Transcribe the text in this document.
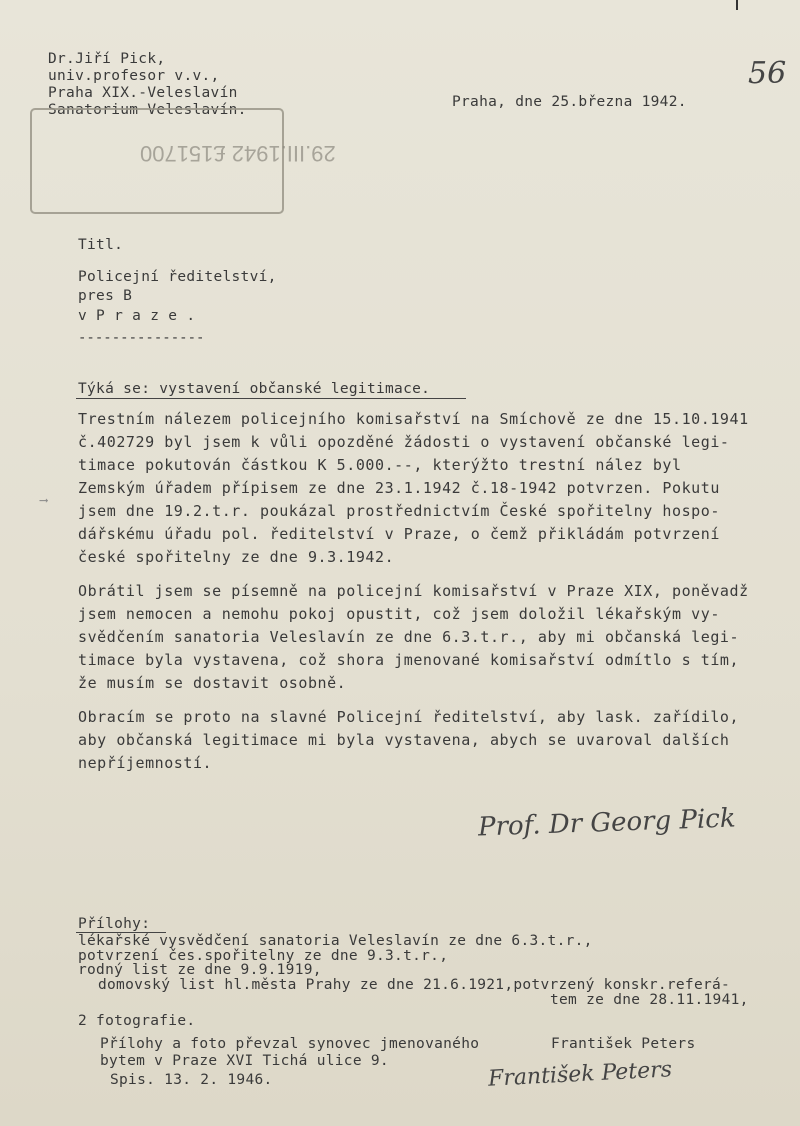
Dr.Jiří Pick,
univ.profesor v.v.,
Praha XIX.-Veleslavín
Sanatorium Veleslavín.	Praha, dne 25.března 1942.
56
29.III.1942 £151700
Titl.
Policejní ředitelství,
pres B
v P r a z e .
---------------
Týká se: vystavení občanské legitimace.
Trestním nálezem policejního komisařství na Smíchově ze dne 15.10.1941
č.402729 byl jsem k vůli opozděné žádosti o vystavení občanské legi-
timace pokutován částkou K 5.000.--, kterýžto trestní nález byl
Zemským úřadem přípisem ze dne 23.1.1942 č.18-1942 potvrzen. Pokutu
jsem dne 19.2.t.r. poukázal prostřednictvím České spořitelny hospo-
dářskému úřadu pol. ředitelství v Praze, o čemž přikládám potvrzení
české spořitelny ze dne 9.3.1942.
⟶
Obrátil jsem se písemně na policejní komisařství v Praze XIX, poněvadž
jsem nemocen a nemohu pokoj opustit, což jsem doložil lékařským vy-
svědčením sanatoria Veleslavín ze dne 6.3.t.r., aby mi občanská legi-
timace byla vystavena, což shora jmenované komisařství odmítlo s tím,
že musím se dostavit osobně.
Obracím se proto na slavné Policejní ředitelství, aby lask. zařídilo,
aby občanská legitimace mi byla vystavena, abych se uvaroval dalších
nepříjemností.
Prof. Dr Georg Pick
Přílohy:
lékařské vysvědčení sanatoria Veleslavín ze dne 6.3.t.r.,
potvrzení čes.spořitelny ze dne 9.3.t.r.,
rodný list ze dne 9.9.1919,
domovský list hl.města Prahy ze dne 21.6.1921,potvrzený konskr.referá-
tem ze dne 28.11.1941,
2 fotografie.
Přílohy a foto převzal synovec jmenovaného	František Peters
bytem v Praze XVI Tichá ulice 9.
Spis. 13. 2. 1946.	František Peters
